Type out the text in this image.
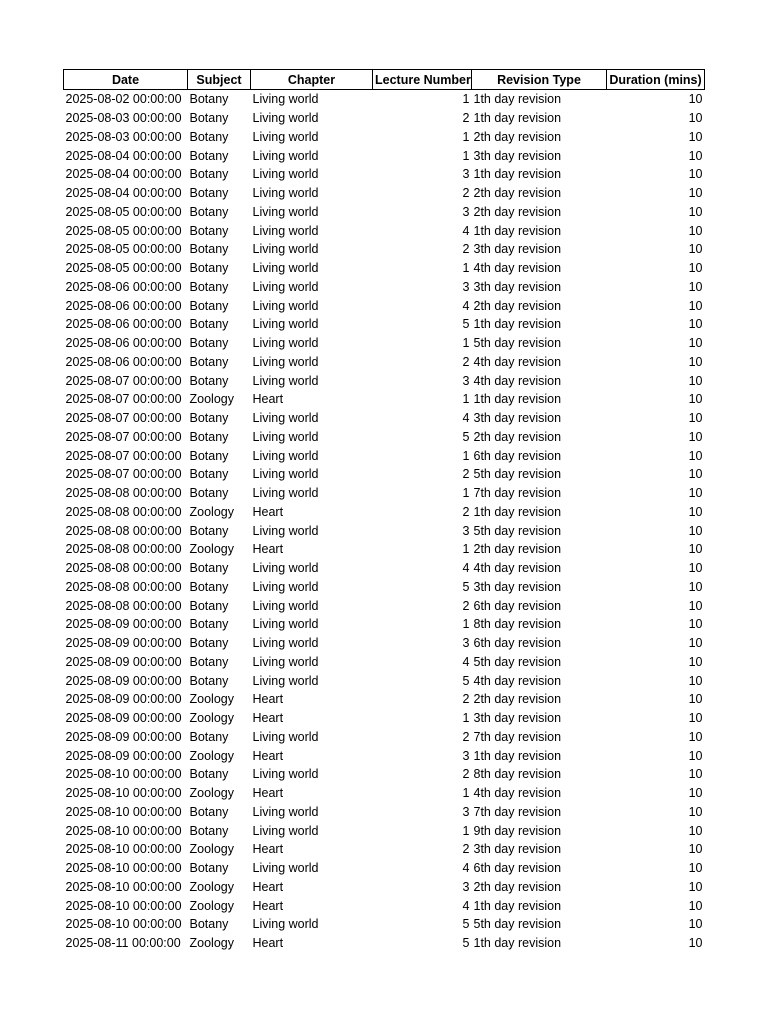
Date	Subject	Chapter	Lecture Number	Revision Type	Duration (mins)
2025-08-02 00:00:00	Botany	Living world	1	1th day revision	10
2025-08-03 00:00:00	Botany	Living world	2	1th day revision	10
2025-08-03 00:00:00	Botany	Living world	1	2th day revision	10
2025-08-04 00:00:00	Botany	Living world	1	3th day revision	10
2025-08-04 00:00:00	Botany	Living world	3	1th day revision	10
2025-08-04 00:00:00	Botany	Living world	2	2th day revision	10
2025-08-05 00:00:00	Botany	Living world	3	2th day revision	10
2025-08-05 00:00:00	Botany	Living world	4	1th day revision	10
2025-08-05 00:00:00	Botany	Living world	2	3th day revision	10
2025-08-05 00:00:00	Botany	Living world	1	4th day revision	10
2025-08-06 00:00:00	Botany	Living world	3	3th day revision	10
2025-08-06 00:00:00	Botany	Living world	4	2th day revision	10
2025-08-06 00:00:00	Botany	Living world	5	1th day revision	10
2025-08-06 00:00:00	Botany	Living world	1	5th day revision	10
2025-08-06 00:00:00	Botany	Living world	2	4th day revision	10
2025-08-07 00:00:00	Botany	Living world	3	4th day revision	10
2025-08-07 00:00:00	Zoology	Heart	1	1th day revision	10
2025-08-07 00:00:00	Botany	Living world	4	3th day revision	10
2025-08-07 00:00:00	Botany	Living world	5	2th day revision	10
2025-08-07 00:00:00	Botany	Living world	1	6th day revision	10
2025-08-07 00:00:00	Botany	Living world	2	5th day revision	10
2025-08-08 00:00:00	Botany	Living world	1	7th day revision	10
2025-08-08 00:00:00	Zoology	Heart	2	1th day revision	10
2025-08-08 00:00:00	Botany	Living world	3	5th day revision	10
2025-08-08 00:00:00	Zoology	Heart	1	2th day revision	10
2025-08-08 00:00:00	Botany	Living world	4	4th day revision	10
2025-08-08 00:00:00	Botany	Living world	5	3th day revision	10
2025-08-08 00:00:00	Botany	Living world	2	6th day revision	10
2025-08-09 00:00:00	Botany	Living world	1	8th day revision	10
2025-08-09 00:00:00	Botany	Living world	3	6th day revision	10
2025-08-09 00:00:00	Botany	Living world	4	5th day revision	10
2025-08-09 00:00:00	Botany	Living world	5	4th day revision	10
2025-08-09 00:00:00	Zoology	Heart	2	2th day revision	10
2025-08-09 00:00:00	Zoology	Heart	1	3th day revision	10
2025-08-09 00:00:00	Botany	Living world	2	7th day revision	10
2025-08-09 00:00:00	Zoology	Heart	3	1th day revision	10
2025-08-10 00:00:00	Botany	Living world	2	8th day revision	10
2025-08-10 00:00:00	Zoology	Heart	1	4th day revision	10
2025-08-10 00:00:00	Botany	Living world	3	7th day revision	10
2025-08-10 00:00:00	Botany	Living world	1	9th day revision	10
2025-08-10 00:00:00	Zoology	Heart	2	3th day revision	10
2025-08-10 00:00:00	Botany	Living world	4	6th day revision	10
2025-08-10 00:00:00	Zoology	Heart	3	2th day revision	10
2025-08-10 00:00:00	Zoology	Heart	4	1th day revision	10
2025-08-10 00:00:00	Botany	Living world	5	5th day revision	10
2025-08-11 00:00:00	Zoology	Heart	5	1th day revision	10
